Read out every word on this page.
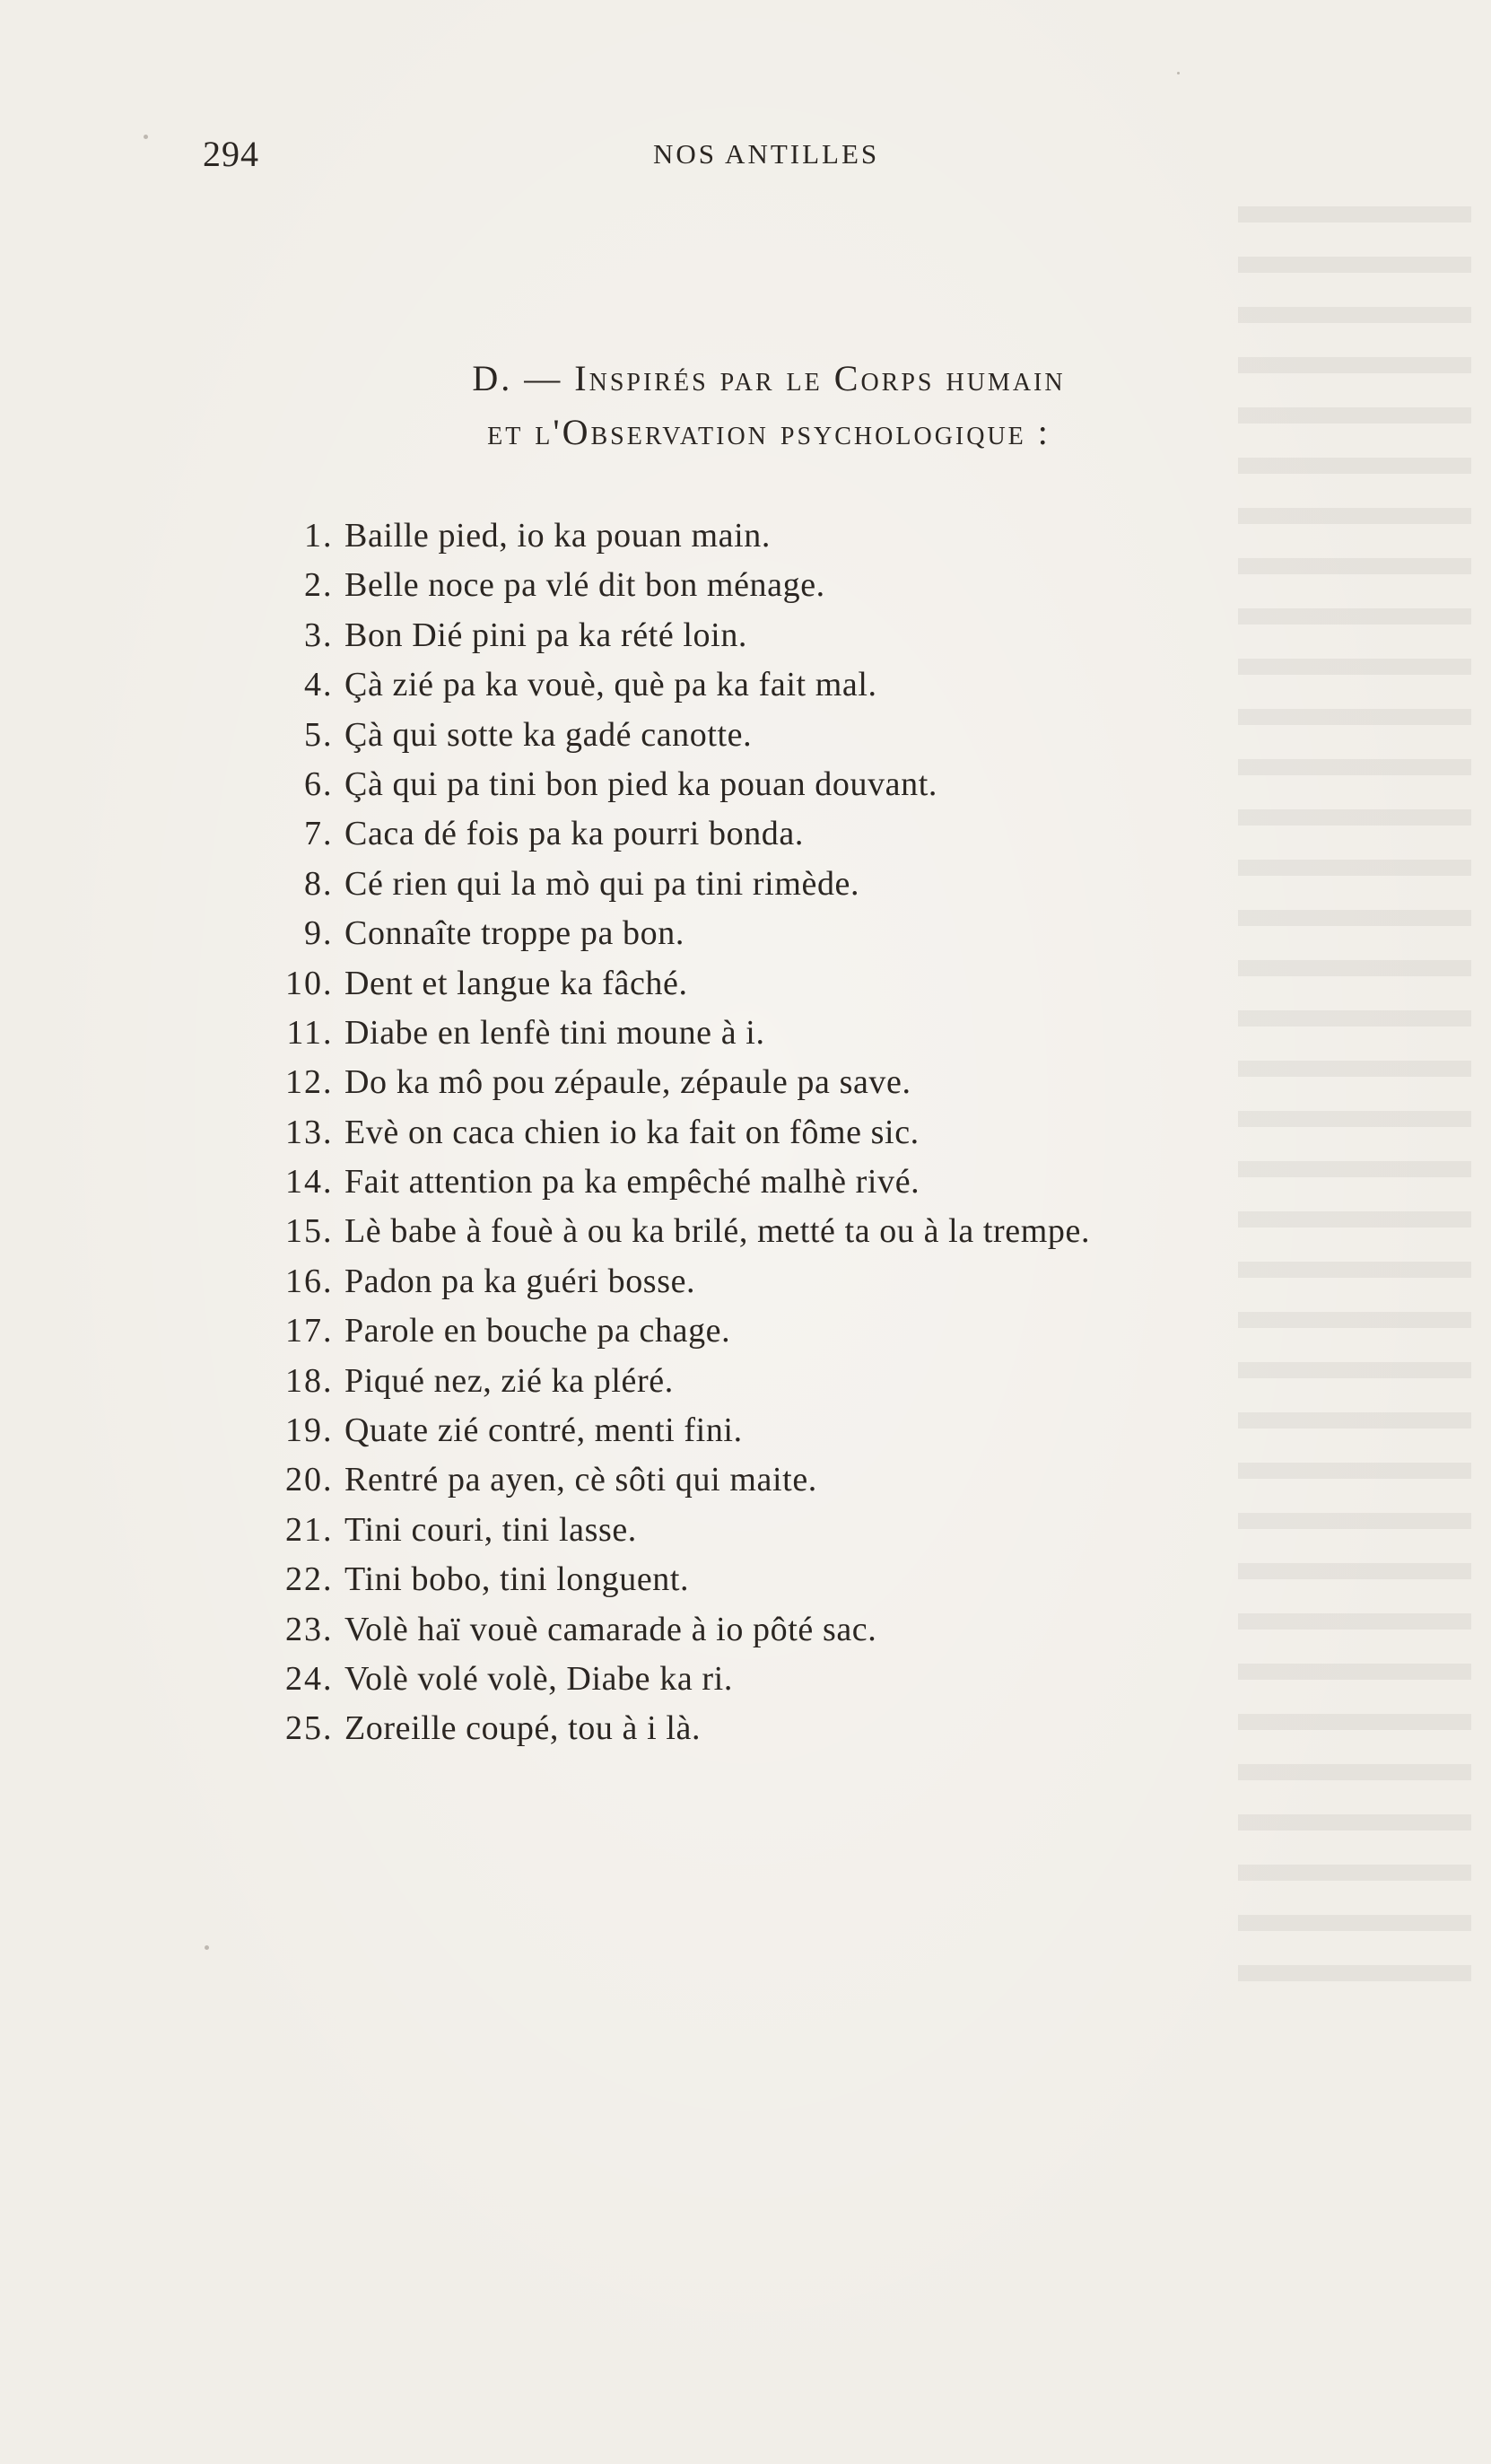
294	NOS ANTILLES
D. — Inspirés par le Corps humain
et l'Observation psychologique :
1. Baille pied, io ka pouan main.
2. Belle noce pa vlé dit bon ménage.
3. Bon Dié pini pa ka rété loin.
4. Çà zié pa ka vouè, què pa ka fait mal.
5. Çà qui sotte ka gadé canotte.
6. Çà qui pa tini bon pied ka pouan douvant.
7. Caca dé fois pa ka pourri bonda.
8. Cé rien qui la mò qui pa tini rimède.
9. Connaîte troppe pa bon.
10. Dent et langue ka fâché.
11. Diabe en lenfè tini moune à i.
12. Do ka mô pou zépaule, zépaule pa save.
13. Evè on caca chien io ka fait on fôme sic.
14. Fait attention pa ka empêché malhè rivé.
15. Lè babe à fouè à ou ka brilé, metté ta ou à la trempe.
16. Padon pa ka guéri bosse.
17. Parole en bouche pa chage.
18. Piqué nez, zié ka pléré.
19. Quate zié contré, menti fini.
20. Rentré pa ayen, cè sôti qui maite.
21. Tini couri, tini lasse.
22. Tini bobo, tini longuent.
23. Volè haï vouè camarade à io pôté sac.
24. Volè volé volè, Diabe ka ri.
25. Zoreille coupé, tou à i là.
